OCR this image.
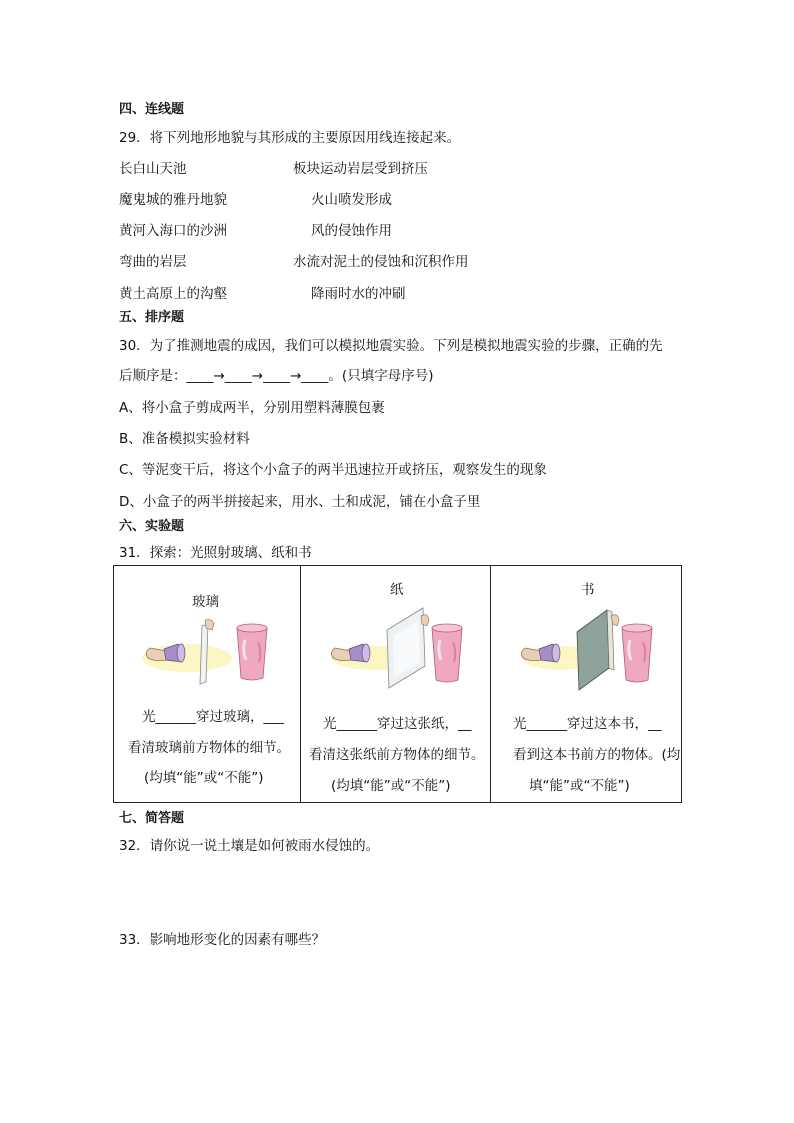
四、连线题
29．将下列地形地貌与其形成的主要原因用线连接起来。
长白山天池	板块运动岩层受到挤压
魔鬼城的雅丹地貌	火山喷发形成
黄河入海口的沙洲	风的侵蚀作用
弯曲的岩层	水流对泥土的侵蚀和沉积作用
黄土高原上的沟壑	降雨时水的冲刷
五、排序题
30．为了推测地震的成因，我们可以模拟地震实验。下列是模拟地震实验的步骤，正确的先
后顺序是：____→____→____→____。(只填字母序号)
A、将小盒子剪成两半，分别用塑料薄膜包裹
B、准备模拟实验材料
C、等泥变干后，将这个小盒子的两半迅速拉开或挤压，观察发生的现象
D、小盒子的两半拼接起来，用水、土和成泥，铺在小盒子里
六、实验题
31．探索：光照射玻璃、纸和书
玻璃
光______穿过玻璃，___
看清玻璃前方物体的细节。
(均填“能”或“不能”)
纸
光______穿过这张纸，__
看清这张纸前方物体的细节。
(均填“能”或“不能”)
书
光______穿过这本书，__
看到这本书前方的物体。(均
填“能”或“不能”)
七、简答题
32．请你说一说土壤是如何被雨水侵蚀的。
33．影响地形变化的因素有哪些？
